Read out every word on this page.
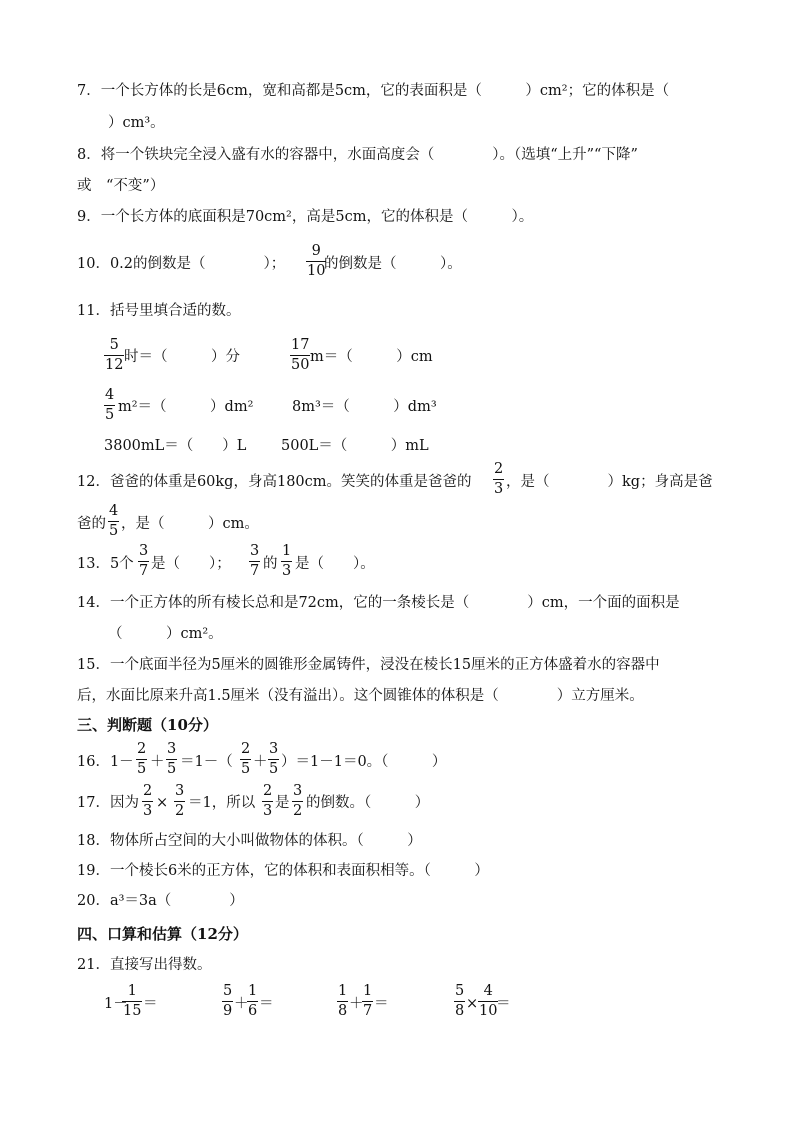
7．一个长方体的长是6cm，宽和高都是5cm，它的表面积是（　　　）cm²；它的体积是（
）cm³。
8．将一个铁块完全浸入盛有水的容器中，水面高度会（　　　　）。（选填“上升”“下降”
或　“不变”）
9．一个长方体的底面积是70cm²，高是5cm，它的体积是（　　　）。
10．0.2的倒数是（　　　　）；
9
10
的倒数是（　　　）。
11．括号里填合适的数。
5
12 时＝（　　　）分
17
50 m＝（　　　）cm
4
5 m²＝（　　　）dm²	8m³＝（　　　）dm³
3800mL＝（　　）L 500L＝（　　　）mL
12．爸爸的体重是60kg，身高180cm。笑笑的体重是爸爸的
2
3 ，是（　　　　）kg；身高是爸
爸的
4
5 ，是（　　　）cm。
13．5个
3
7 是（　　）；
3
7 的
1
3 是（　　）。
14．一个正方体的所有棱长总和是72cm，它的一条棱长是（　　　　）cm，一个面的面积是
（　　　）cm²。
15．一个底面半径为5厘米的圆锥形金属铸件，浸没在棱长15厘米的正方体盛着水的容器中
后，水面比原来升高1.5厘米（没有溢出）。这个圆锥体的体积是（　　　　）立方厘米。
三、判断题（10分）
16．1－
2
5 ＋
3
5 ＝1－（
2
5 ＋
3
5 ）＝1－1＝0。（　　　）
17．因为
2
3 ×
3
2 ＝1，所以
2
3 是
3
2 的倒数。（　　　）
18．物体所占空间的大小叫做物体的体积。（　　　）
19．一个棱长6米的正方体，它的体积和表面积相等。（　　　）
20．a³＝3a（　　　　）
四、口算和估算（12分）
21．直接写出得数。
1－
1
15 ＝
5
9 ＋
1
6 ＝
1
8 ＋
1
7 ＝
5
8 ×
4
10
＝
